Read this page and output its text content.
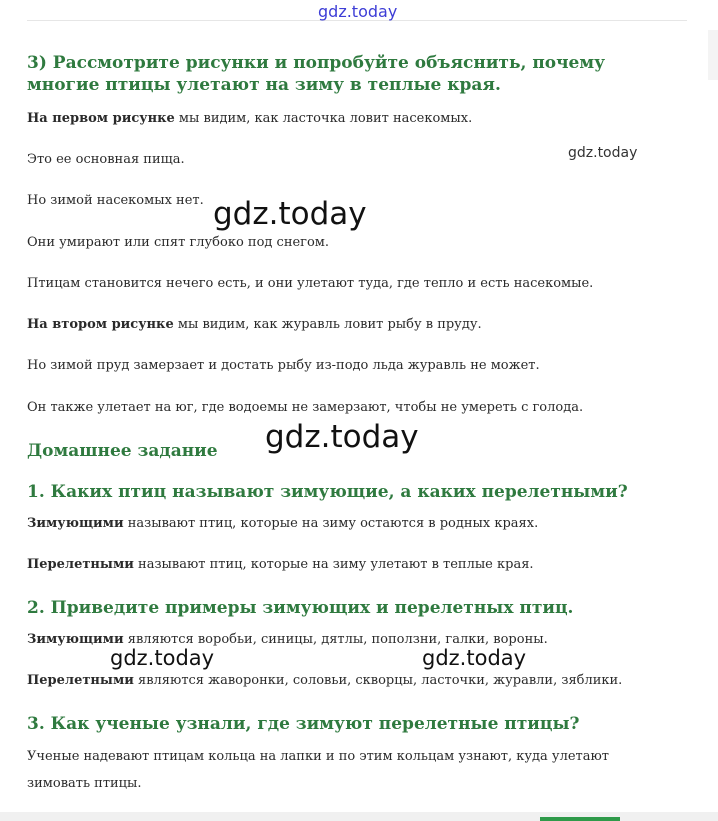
gdz.today
3) Рассмотрите рисунки и попробуйте объяснить, почему
многие птицы улетают на зиму в теплые края.
На первом рисунке мы видим, как ласточка ловит насекомых.
Это ее основная пища.
Но зимой насекомых нет.
Они умирают или спят глубоко под снегом.
Птицам становится нечего есть, и они улетают туда, где тепло и есть насекомые.
На втором рисунке мы видим, как журавль ловит рыбу в пруду.
Но зимой пруд замерзает и достать рыбу из-подо льда журавль не может.
Он также улетает на юг, где водоемы не замерзают, чтобы не умереть с голода.
Домашнее задание
1. Каких птиц называют зимующие, а каких перелетными?
Зимующими называют птиц, которые на зиму остаются в родных краях.
Перелетными называют птиц, которые на зиму улетают в теплые края.
2. Приведите примеры зимующих и перелетных птиц.
Зимующими являются воробьи, синицы, дятлы, поползни, галки, вороны.
Перелетными являются жаворонки, соловьи, скворцы, ласточки, журавли, зяблики.
3. Как ученые узнали, где зимуют перелетные птицы?
Ученые надевают птицам кольца на лапки и по этим кольцам узнают, куда улетают
зимовать птицы.
gdz.today
gdz.today
gdz.today
gdz.today	gdz.today
